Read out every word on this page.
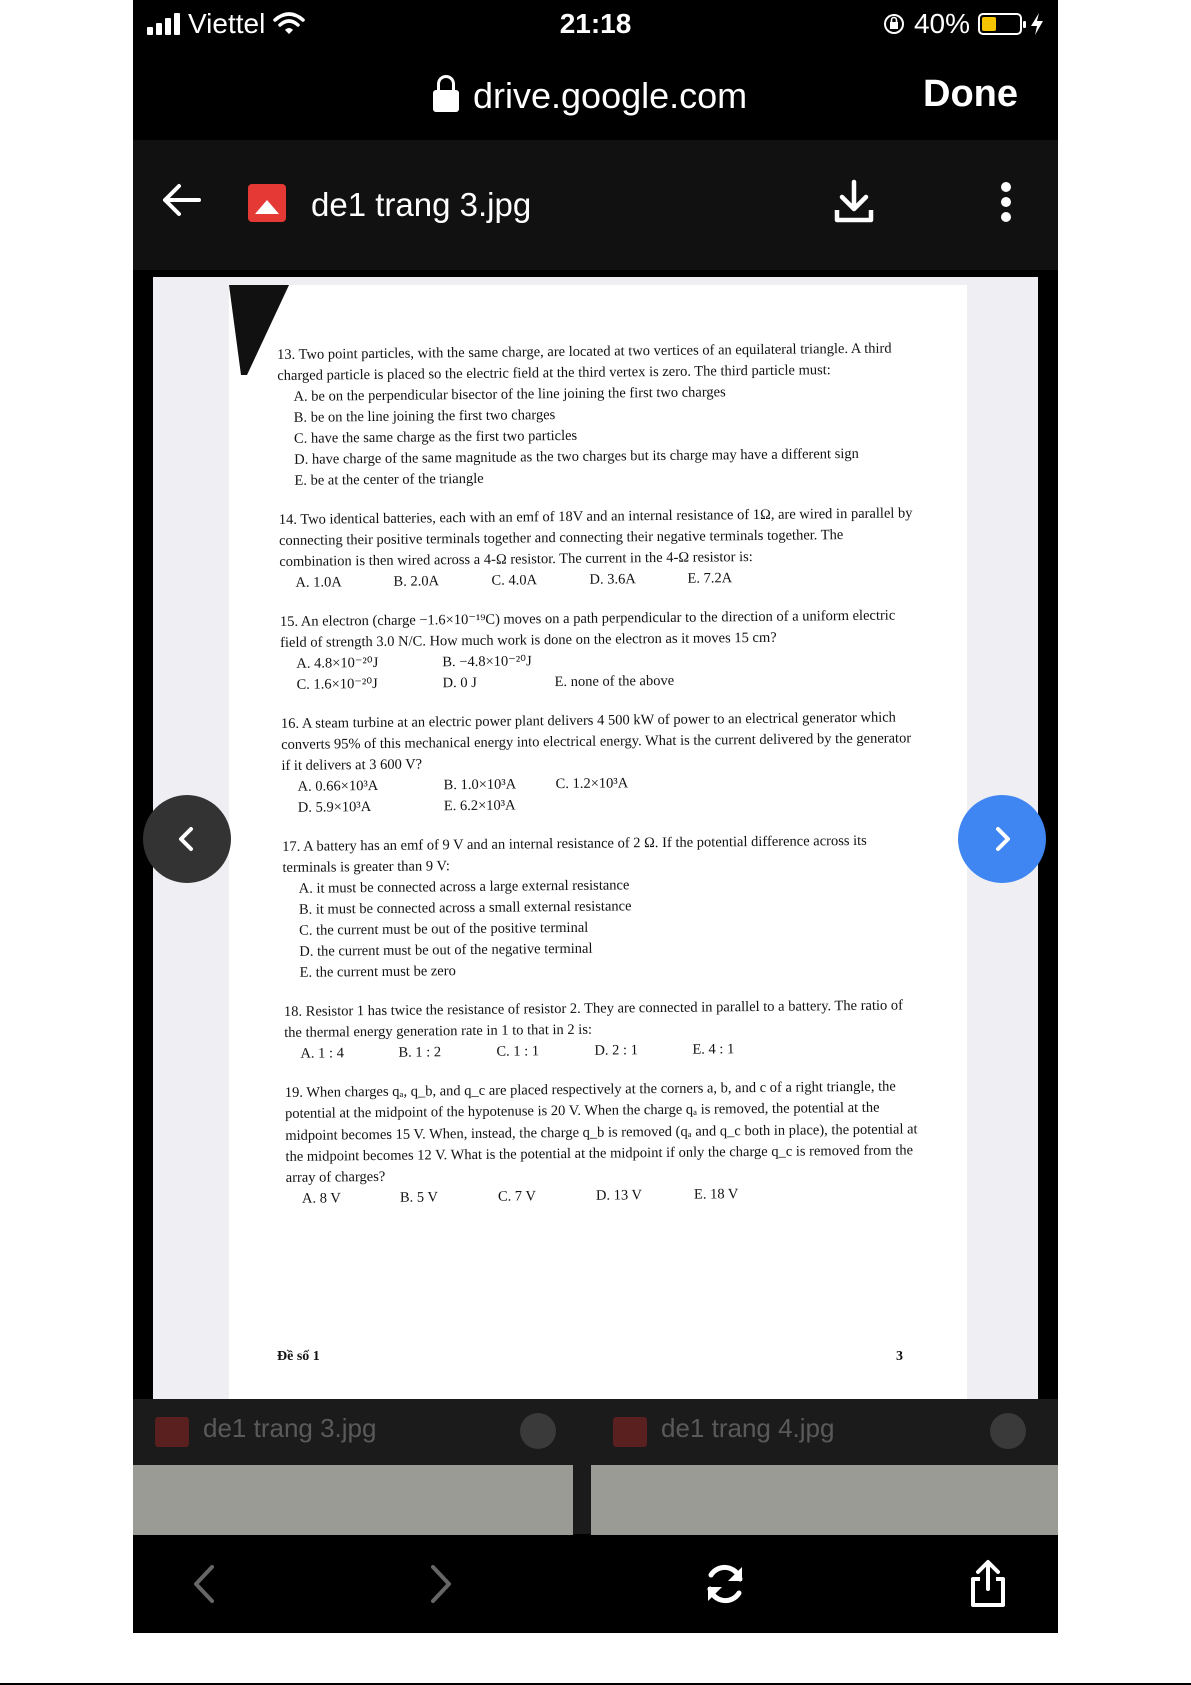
Viettel	21:18	40%
drive.google.com	Done
de1 trang 3.jpg
de1 trang 3.jpg	de1 trang 4.jpg

13. Two point particles, with the same charge, are located at two vertices of an equilateral triangle. A third charged particle is placed so the electric field at the third vertex is zero. The third particle must:

A. be on the perpendicular bisector of the line joining the first two charges

B. be on the line joining the first two charges

C. have the same charge as the first two particles

D. have charge of the same magnitude as the two charges but its charge may have a different sign

E. be at the center of the triangle

14. Two identical batteries, each with an emf of 18V and an internal resistance of 1Ω, are wired in parallel by connecting their positive terminals together and connecting their negative terminals together. The combination is then wired across a 4-Ω resistor. The current in the 4-Ω resistor is:

A. 1.0A	B. 2.0A	C. 4.0A	D. 3.6A	E. 7.2A

15. An electron (charge −1.6×10⁻¹⁹C) moves on a path perpendicular to the direction of a uniform electric field of strength 3.0 N/C. How much work is done on the electron as it moves 15 cm?

A. 4.8×10⁻²⁰J	B. −4.8×10⁻²⁰J
C. 1.6×10⁻²⁰J	D. 0 J	E. none of the above

16. A steam turbine at an electric power plant delivers 4 500 kW of power to an electrical generator which converts 95% of this mechanical energy into electrical energy. What is the current delivered by the generator if it delivers at 3 600 V?

A. 0.66×10³A	B. 1.0×10³A	C. 1.2×10³A
D. 5.9×10³A	E. 6.2×10³A

17. A battery has an emf of 9 V and an internal resistance of 2 Ω. If the potential difference across its terminals is greater than 9 V:

A. it must be connected across a large external resistance

B. it must be connected across a small external resistance

C. the current must be out of the positive terminal

D. the current must be out of the negative terminal

E. the current must be zero

18. Resistor 1 has twice the resistance of resistor 2. They are connected in parallel to a battery. The ratio of the thermal energy generation rate in 1 to that in 2 is:

A. 1 : 4	B. 1 : 2	C. 1 : 1	D. 2 : 1	E. 4 : 1

19. When charges qₐ, q_b, and q_c are placed respectively at the corners a, b, and c of a right triangle, the potential at the midpoint of the hypotenuse is 20 V. When the charge qₐ is removed, the potential at the midpoint becomes 15 V. When, instead, the charge q_b is removed (qₐ and q_c both in place), the potential at the midpoint becomes 12 V. What is the potential at the midpoint if only the charge q_c is removed from the array of charges?

A. 8 V	B. 5 V	C. 7 V	D. 13 V	E. 18 V
Đề số 1	3
